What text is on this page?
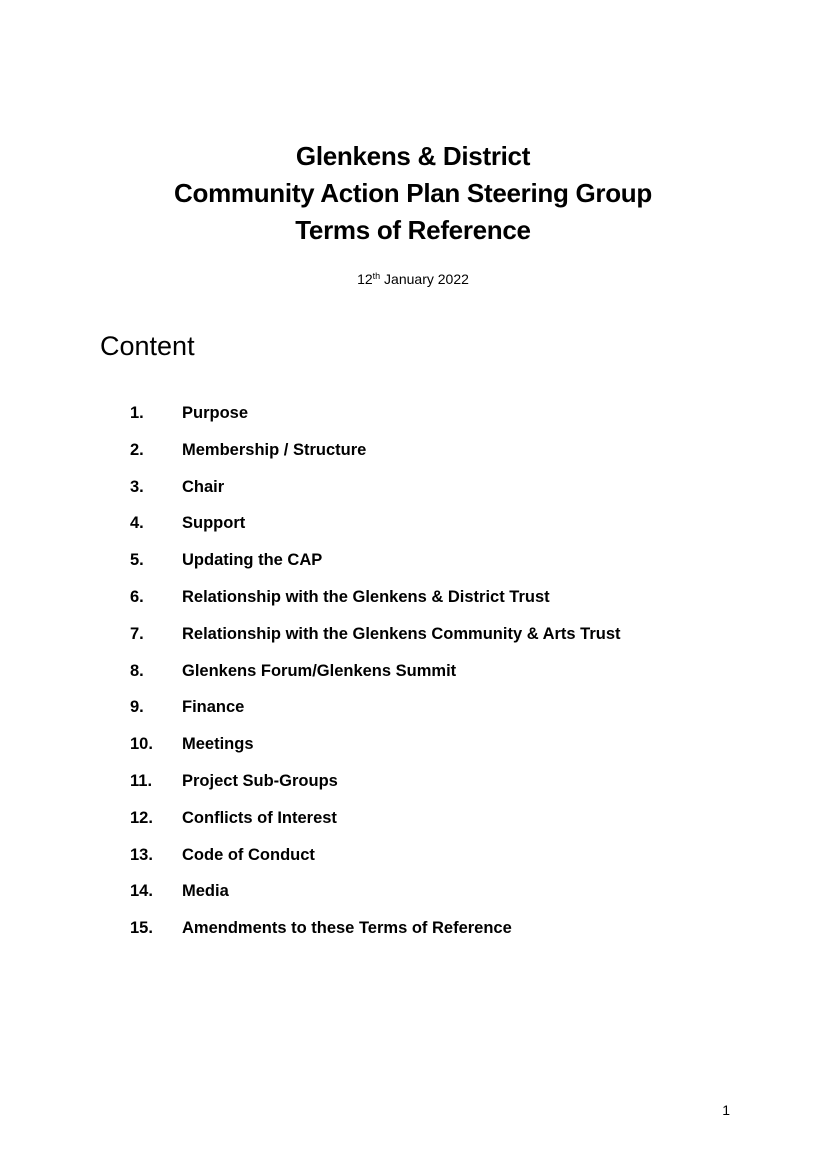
Glenkens & District
Community Action Plan Steering Group
Terms of Reference
12th January 2022
Content
1.	Purpose
2.	Membership / Structure
3.	Chair
4.	Support
5.	Updating the CAP
6.	Relationship with the Glenkens & District Trust
7.	Relationship with the Glenkens Community & Arts Trust
8.	Glenkens Forum/Glenkens Summit
9.	Finance
10.	Meetings
11.	Project Sub-Groups
12.	Conflicts of Interest
13.	Code of Conduct
14.	Media
15.	Amendments to these Terms of Reference
1
